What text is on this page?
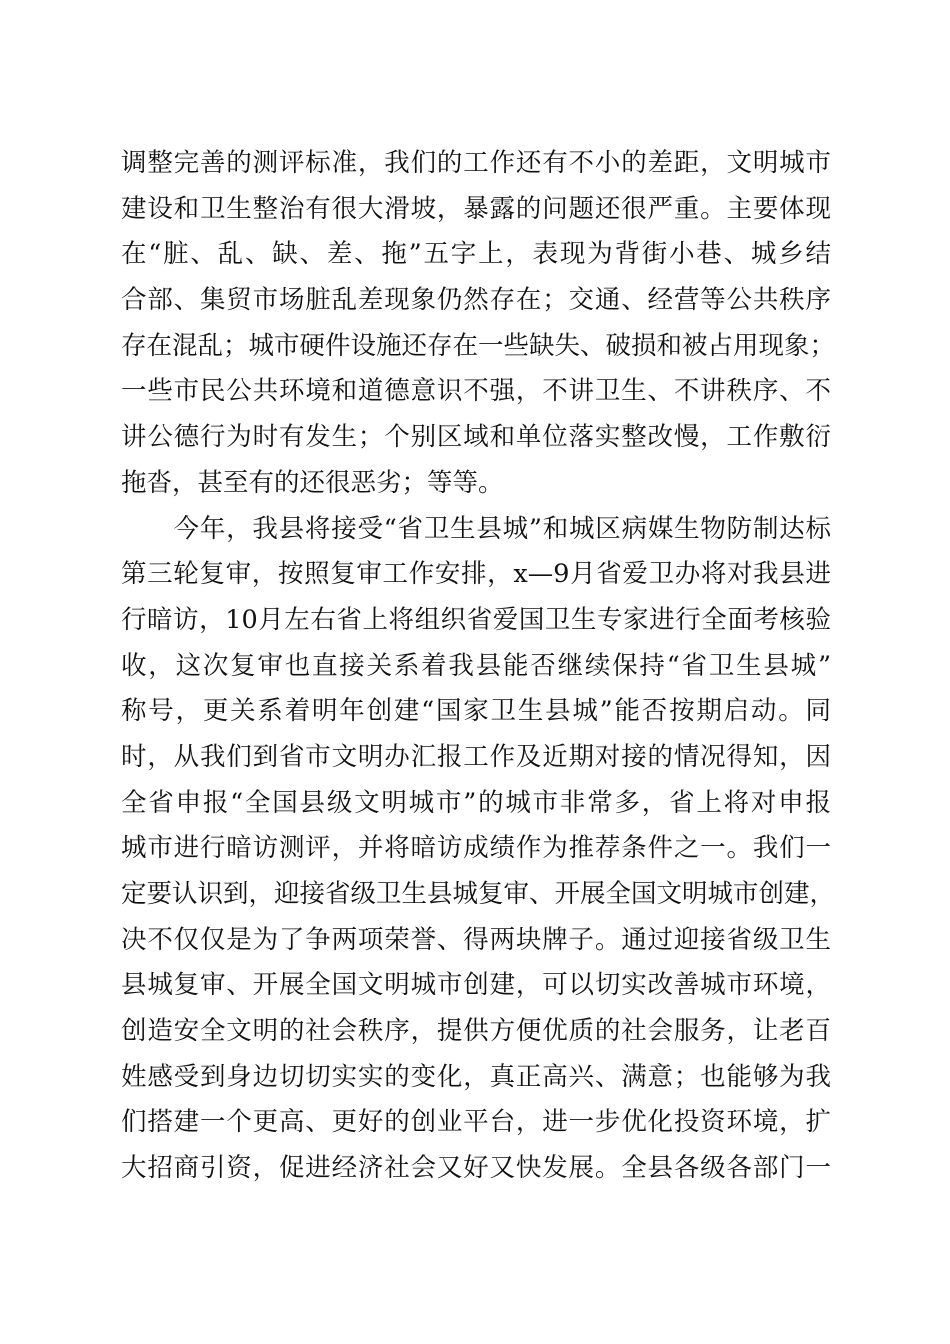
调整完善的测评标准，我们的工作还有不小的差距，文明城市
建设和卫生整治有很大滑坡，暴露的问题还很严重。主要体现
在“脏、乱、缺、差、拖”五字上，表现为背街小巷、城乡结
合部、集贸市场脏乱差现象仍然存在；交通、经营等公共秩序
存在混乱；城市硬件设施还存在一些缺失、破损和被占用现象；
一些市民公共环境和道德意识不强，不讲卫生、不讲秩序、不
讲公德行为时有发生；个别区域和单位落实整改慢，工作敷衍
拖沓，甚至有的还很恶劣；等等。
　　今年，我县将接受“省卫生县城”和城区病媒生物防制达标
第三轮复审，按照复审工作安排，x—9月省爱卫办将对我县进
行暗访，10月左右省上将组织省爱国卫生专家进行全面考核验
收，这次复审也直接关系着我县能否继续保持“省卫生县城”
称号，更关系着明年创建“国家卫生县城”能否按期启动。同
时，从我们到省市文明办汇报工作及近期对接的情况得知，因
全省申报“全国县级文明城市”的城市非常多，省上将对申报
城市进行暗访测评，并将暗访成绩作为推荐条件之一。我们一
定要认识到，迎接省级卫生县城复审、开展全国文明城市创建，
决不仅仅是为了争两项荣誉、得两块牌子。通过迎接省级卫生
县城复审、开展全国文明城市创建，可以切实改善城市环境，
创造安全文明的社会秩序，提供方便优质的社会服务，让老百
姓感受到身边切切实实的变化，真正高兴、满意；也能够为我
们搭建一个更高、更好的创业平台，进一步优化投资环境，扩
大招商引资，促进经济社会又好又快发展。全县各级各部门一
